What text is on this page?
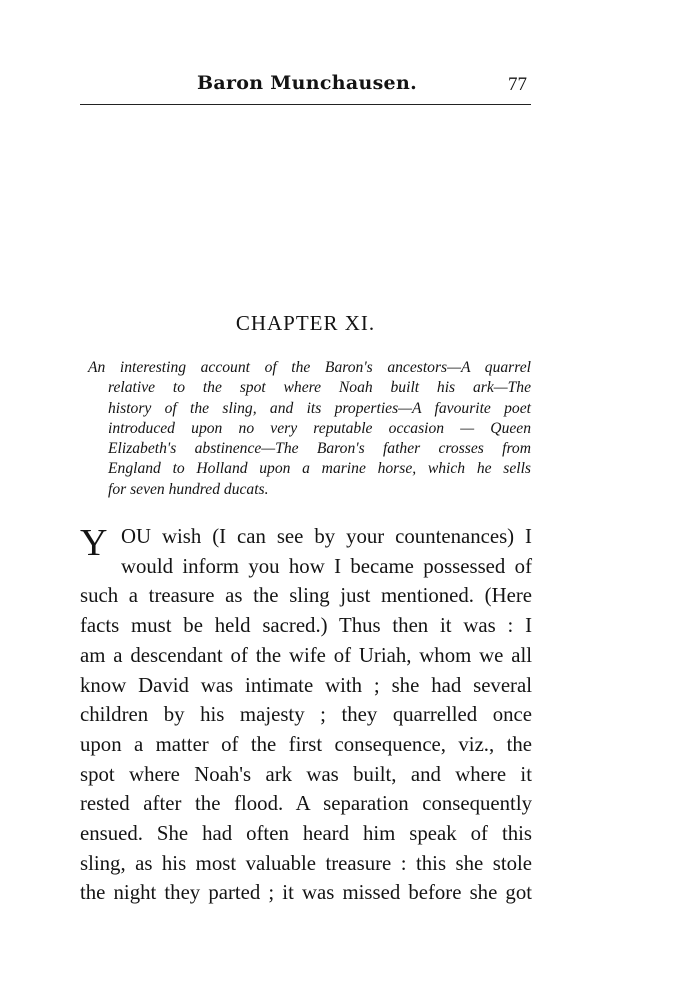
Baron Munchausen.	77
CHAPTER XI.
An interesting account of the Baron's ancestors—A quarrel
relative to the spot where Noah built his ark—The
history of the sling, and its properties—A favourite poet
introduced upon no very reputable occasion — Queen
Elizabeth's abstinence—The Baron's father crosses from
England to Holland upon a marine horse, which he sells
for seven hundred ducats.
Y OU wish (I can see by your countenances) I
would inform you how I became possessed of
such a treasure as the sling just mentioned. (Here
facts must be held sacred.) Thus then it was : I
am a descendant of the wife of Uriah, whom we all
know David was intimate with ; she had several
children by his majesty ; they quarrelled once
upon a matter of the first consequence, viz., the
spot where Noah's ark was built, and where it
rested after the flood. A separation consequently
ensued. She had often heard him speak of this
sling, as his most valuable treasure : this she stole
the night they parted ; it was missed before she got
